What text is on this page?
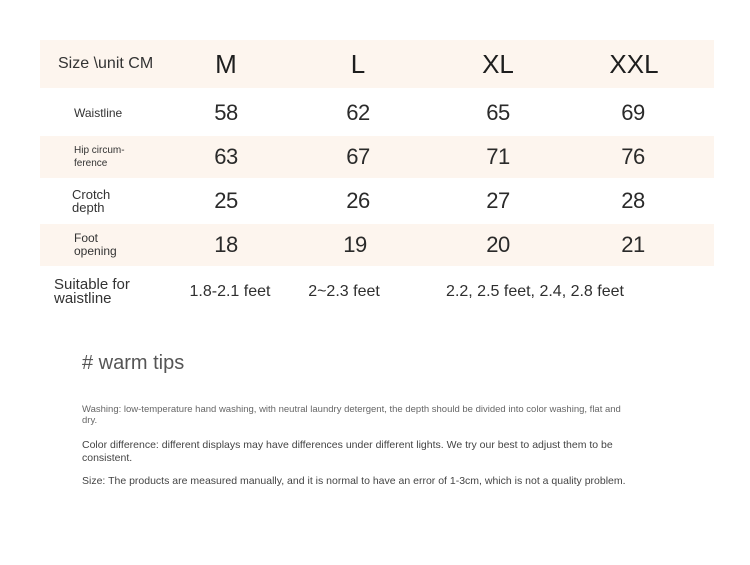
Size \unit CM M	L	XL	XXL
Waistline	58	62	65	69
Hip circum-
ference	63	67	71	76
Crotch
depth	25	26	27	28
Foot
opening	18	19	20	21
Suitable for
waistline	1.8-2.1 feet 2~2.3 feet	2.2, 2.5 feet, 2.4, 2.8 feet
# warm tips
Washing: low-temperature hand washing, with neutral laundry detergent, the depth should be divided into color washing, flat and dry.
Color difference: different displays may have differences under different lights. We try our best to adjust them to be consistent.
Size: The products are measured manually, and it is normal to have an error of 1-3cm, which is not a quality problem.
